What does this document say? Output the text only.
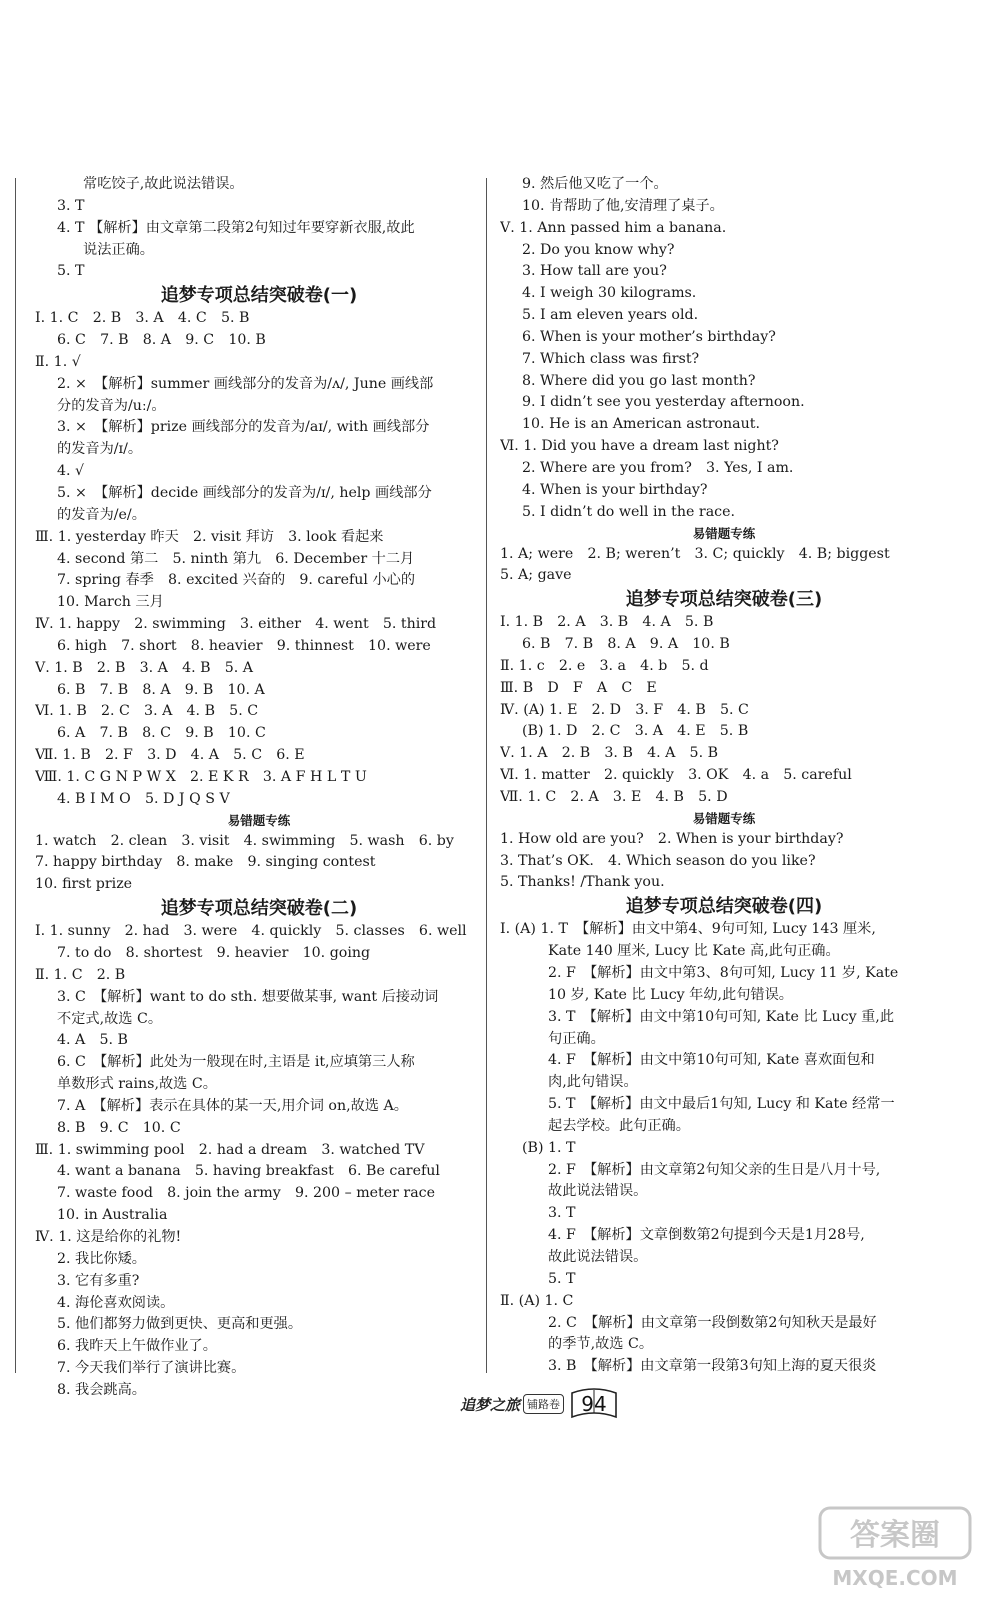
常吃饺子,故此说法错误。
3. T
4. T 【解析】由文章第二段第2句知过年要穿新衣服,故此
说法正确。
5. T
追梦专项总结突破卷(一)
Ⅰ. 1. C　2. B　3. A　4. C　5. B
6. C　7. B　8. A　9. C　10. B
Ⅱ. 1. √
2. ×　【解析】summer 画线部分的发音为/ʌ/, June 画线部
分的发音为/uː/。
3. ×　【解析】prize 画线部分的发音为/aɪ/, with 画线部分
的发音为/ɪ/。
4. √
5. ×　【解析】decide 画线部分的发音为/ɪ/, help 画线部分
的发音为/e/。
Ⅲ. 1. yesterday 昨天　2. visit 拜访　3. look 看起来
4. second 第二　5. ninth 第九　6. December 十二月
7. spring 春季　8. excited 兴奋的　9. careful 小心的
10. March 三月
Ⅳ. 1. happy　2. swimming　3. either　4. went　5. third
6. high　7. short　8. heavier　9. thinnest　10. were
Ⅴ. 1. B　2. B　3. A　4. B　5. A
6. B　7. B　8. A　9. B　10. A
Ⅵ. 1. B　2. C　3. A　4. B　5. C
6. A　7. B　8. C　9. B　10. C
Ⅶ. 1. B　2. F　3. D　4. A　5. C　6. E
Ⅷ. 1. C G N P W X　2. E K R　3. A F H L T U
4. B I M O　5. D J Q S V
易错题专练
1. watch　2. clean　3. visit　4. swimming　5. wash　6. by
7. happy birthday　8. make　9. singing contest
10. first prize
追梦专项总结突破卷(二)
Ⅰ. 1. sunny　2. had　3. were　4. quickly　5. classes　6. well
7. to do　8. shortest　9. heavier　10. going
Ⅱ. 1. C　2. B
3. C　【解析】want to do sth. 想要做某事, want 后接动词
不定式,故选 C。
4. A　5. B
6. C　【解析】此处为一般现在时,主语是 it,应填第三人称
单数形式 rains,故选 C。
7. A　【解析】表示在具体的某一天,用介词 on,故选 A。
8. B　9. C　10. C
Ⅲ. 1. swimming pool　2. had a dream　3. watched TV
4. want a banana　5. having breakfast　6. Be careful
7. waste food　8. join the army　9. 200 – meter race
10. in Australia
Ⅳ. 1. 这是给你的礼物!
2. 我比你矮。
3. 它有多重?
4. 海伦喜欢阅读。
5. 他们都努力做到更快、更高和更强。
6. 我昨天上午做作业了。
7. 今天我们举行了演讲比赛。
8. 我会跳高。
9. 然后他又吃了一个。
10. 肯帮助了他,安清理了桌子。
Ⅴ. 1. Ann passed him a banana.
2. Do you know why?
3. How tall are you?
4. I weigh 30 kilograms.
5. I am eleven years old.
6. When is your mother’s birthday?
7. Which class was first?
8. Where did you go last month?
9. I didn’t see you yesterday afternoon.
10. He is an American astronaut.
Ⅵ. 1. Did you have a dream last night?
2. Where are you from?　3. Yes, I am.
4. When is your birthday?
5. I didn’t do well in the race.
易错题专练
1. A; were　2. B; weren’t　3. C; quickly　4. B; biggest
5. A; gave
追梦专项总结突破卷(三)
Ⅰ. 1. B　2. A　3. B　4. A　5. B
6. B　7. B　8. A　9. A　10. B
Ⅱ. 1. c　2. e　3. a　4. b　5. d
Ⅲ. B　D　F　A　C　E
Ⅳ. (A) 1. E　2. D　3. F　4. B　5. C
(B) 1. D　2. C　3. A　4. E　5. B
Ⅴ. 1. A　2. B　3. B　4. A　5. B
Ⅵ. 1. matter　2. quickly　3. OK　4. a　5. careful
Ⅶ. 1. C　2. A　3. E　4. B　5. D
易错题专练
1. How old are you?　2. When is your birthday?
3. That’s OK.　4. Which season do you like?
5. Thanks! /Thank you.
追梦专项总结突破卷(四)
Ⅰ. (A) 1. T　【解析】由文中第4、9句可知, Lucy 143 厘米,
Kate 140 厘米, Lucy 比 Kate 高,此句正确。
2. F　【解析】由文中第3、8句可知, Lucy 11 岁, Kate
10 岁, Kate 比 Lucy 年幼,此句错误。
3. T　【解析】由文中第10句可知, Kate 比 Lucy 重,此
句正确。
4. F　【解析】由文中第10句可知, Kate 喜欢面包和
肉,此句错误。
5. T　【解析】由文中最后1句知, Lucy 和 Kate 经常一
起去学校。此句正确。
(B) 1. T
2. F　【解析】由文章第2句知父亲的生日是八月十号,
故此说法错误。
3. T
4. F　【解析】文章倒数第2句提到今天是1月28号,
故此说法错误。
5. T
Ⅱ. (A) 1. C
2. C　【解析】由文章第一段倒数第2句知秋天是最好
的季节,故选 C。
3. B　【解析】由文章第一段第3句知上海的夏天很炎
追梦之旅 铺路卷	94
答案圈
MXQE.COM
